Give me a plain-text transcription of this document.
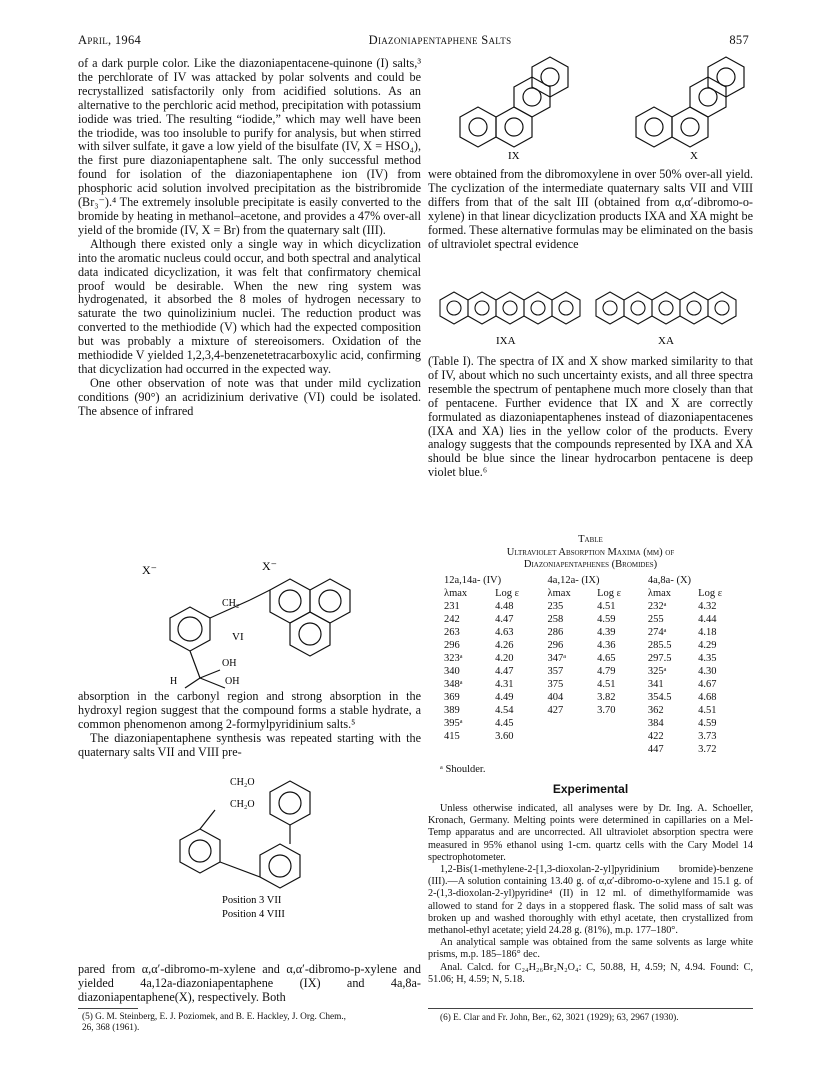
April, 1964	Diazoniapentaphene Salts	857

of a dark purple color. Like the diazoniapentacene-quinone (I) salts,³ the perchlorate of IV was attacked by polar solvents and could be recrystallized satisfactorily only from acidified solutions. As an alternative to the perchloric acid method, precipitation with potassium iodide was tried. The resulting “iodide,” which may well have been the triodide, was too insoluble to purify for analysis, but when stirred with silver sulfate, it gave a low yield of the bisulfate (IV, X = HSO₄), the first pure diazoniapentaphene salt. The only successful method found for isolation of the diazoniapentaphene ion (IV) from phosphoric acid solution involved precipitation as the bistribromide (Br₃⁻).⁴ The extremely insoluble precipitate is easily converted to the bromide by heating in methanol–acetone, and provides a 47% over-all yield of the bromide (IV, X = Br) from the quaternary salt (III).

Although there existed only a single way in which dicyclization into the aromatic nucleus could occur, and both spectral and analytical data indicated dicyclization, it was felt that confirmatory chemical proof would be desirable. When the new ring system was hydrogenated, it absorbed the 8 moles of hydrogen necessary to saturate the two quinolizinium nuclei. The reduction product was converted to the methiodide (V) which had the expected composition but was probably a mixture of stereoisomers. Oxidation of the methiodide V yielded 1,2,3,4-benzenetetracarboxylic acid, confirming that dicyclization had occurred in the expected way.

One other observation of note was that under mild cyclization conditions (90°) an acridizinium derivative (VI) could be isolated. The absence of infrared

X⁻	X⁻
CH₂
OH
OH
H
VI

absorption in the carbonyl region and strong absorption in the hydroxyl region suggest that the compound forms a stable hydrate, a common phenomenon among 2-formylpyridinium salts.⁵

The diazoniapentaphene synthesis was repeated starting with the quaternary salts VII and VIII pre-

CH₂O
CH₂O
Position 3 VII
Position 4 VIII

pared from α,α′-dibromo-m-xylene and α,α′-dibromo-p-xylene and yielded 4a,12a-diazoniapentaphene (IX) and 4a,8a-diazoniapentaphene(X), respectively. Both

(5) G. M. Steinberg, E. J. Poziomek, and B. E. Hackley, J. Org. Chem.,
26, 368 (1961).
IX	X

were obtained from the dibromoxylene in over 50% over-all yield. The cyclization of the intermediate quaternary salts VII and VIII differs from that of the salt III (obtained from α,α′-dibromo-o-xylene) in that linear dicyclization products IXA and XA might be formed. These alternative formulas may be eliminated on the basis of ultraviolet spectral evidence

IXA	XA

(Table I). The spectra of IX and X show marked similarity to that of IV, about which no such uncertainty exists, and all three spectra resemble the spectrum of pentaphene much more closely than that of pentacene. Further evidence that IX and X are correctly formulated as diazoniapentaphenes instead of diazoniapentacenes (IXA and XA) lies in the yellow color of the products. Every analogy suggests that the compounds represented by IXA and XA should be blue since the linear hydrocarbon pentacene is deep violet blue.⁶

Table
Ultraviolet Absorption Maxima (mμ) of
Diazoniapentaphenes (Bromides)
12a,14a- (IV)		4a,12a- (IX)		4a,8a- (X)	
λmax	Log ε	λmax	Log ε	λmax	Log ε
231	4.48	235	4.51	232ᵃ	4.32
242	4.47	258	4.59	255	4.44
263	4.63	286	4.39	274ᵃ	4.18
296	4.26	296	4.36	285.5	4.29
323ᵃ	4.20	347ᵃ	4.65	297.5	4.35
340	4.47	357	4.79	325ᵃ	4.30
348ᵃ	4.31	375	4.51	341	4.67
369	4.49	404	3.82	354.5	4.68
389	4.54	427	3.70	362	4.51
395ᵃ	4.45			384	4.59
415	3.60			422	3.73
				447	3.72
ᵃ Shoulder.
Experimental

Unless otherwise indicated, all analyses were by Dr. Ing. A. Schoeller, Kronach, Germany. Melting points were determined in capillaries on a Mel-Temp apparatus and are uncorrected. All ultraviolet absorption spectra were measured in 95% ethanol using 1-cm. quartz cells with the Cary Model 14 spectrophotometer.

1,2-Bis(1-methylene-2-[1,3-dioxolan-2-yl]pyridinium bromide)-benzene (III).—A solution containing 13.40 g. of α,α′-dibromo-o-xylene and 15.1 g. of 2-(1,3-dioxolan-2-yl)pyridine⁴ (II) in 12 ml. of dimethylformamide was allowed to stand for 2 days in a stoppered flask. The solid mass of salt was broken up and washed thoroughly with ethyl acetate, then crystallized from methanol-ethyl acetate; yield 24.28 g. (81%), m.p. 177–180°.

An analytical sample was obtained from the same solvents as large white prisms, m.p. 185–186° dec.

Anal. Calcd. for C₂₄H₂₆Br₂N₂O₄: C, 50.88, H, 4.59; N, 4.94. Found: C, 51.06; H, 4.59; N, 5.18.

(6) E. Clar and Fr. John, Ber., 62, 3021 (1929); 63, 2967 (1930).
